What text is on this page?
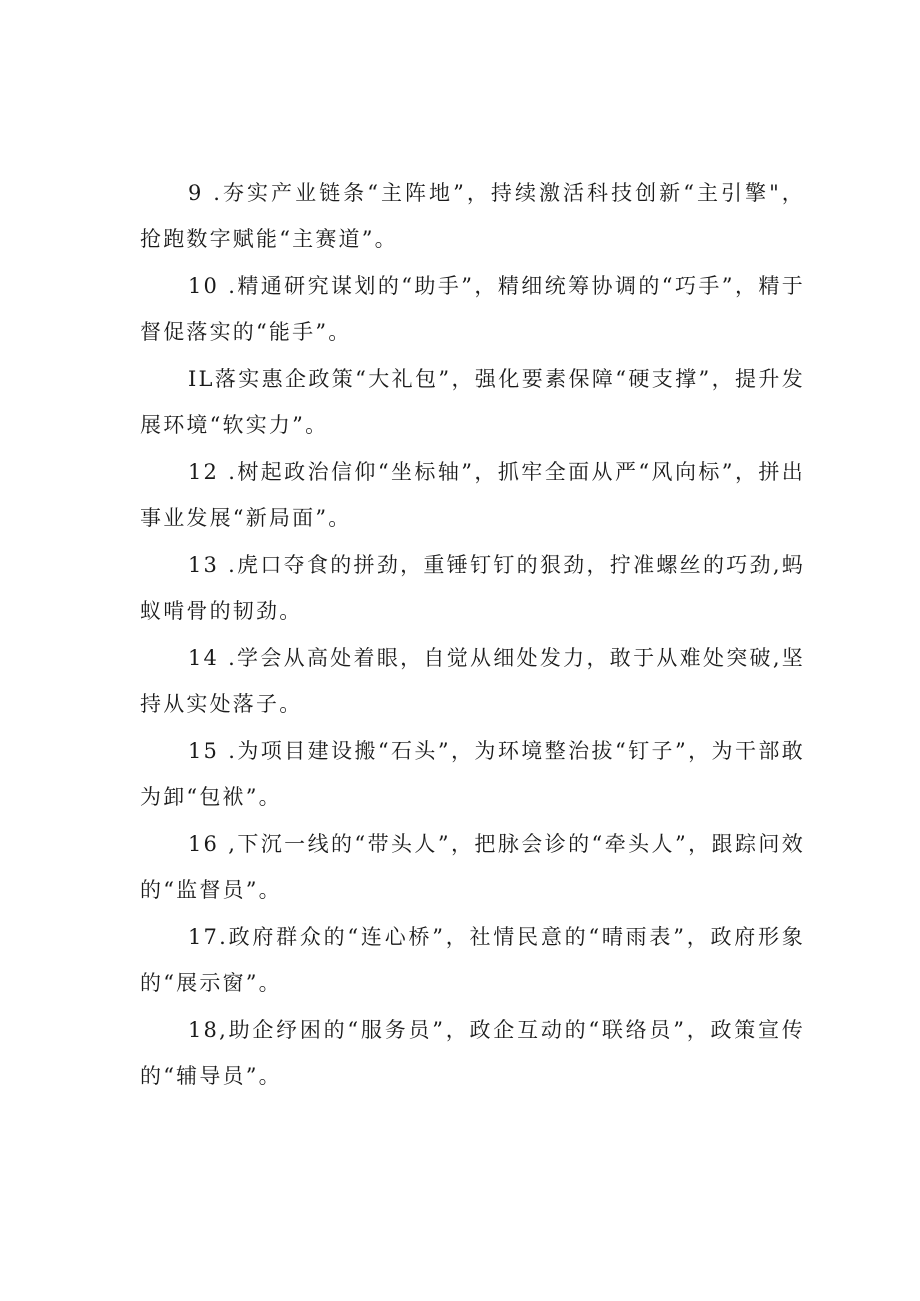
9 .夯实产业链条“主阵地”，持续激活科技创新“主引擎"，抢跑数字赋能“主赛道”。

10 .精通研究谋划的“助手”，精细统筹协调的“巧手”，精于督促落实的“能手”。

IL落实惠企政策“大礼包”，强化要素保障“硬支撑”，提升发展环境“软实力”。

12 .树起政治信仰“坐标轴”，抓牢全面从严“风向标”，拼出事业发展“新局面”。

13 .虎口夺食的拼劲，重锤钉钉的狠劲，拧准螺丝的巧劲,蚂蚁啃骨的韧劲。

14 .学会从高处着眼，自觉从细处发力，敢于从难处突破,坚持从实处落子。

15 .为项目建设搬“石头”，为环境整治拔“钉子”，为干部敢为卸“包袱”。

16 ,下沉一线的“带头人”，把脉会诊的“牵头人”，跟踪问效的“监督员”。

17.政府群众的“连心桥”，社情民意的“晴雨表”，政府形象的“展示窗”。

18,助企纾困的“服务员”，政企互动的“联络员”，政策宣传的“辅导员”。
